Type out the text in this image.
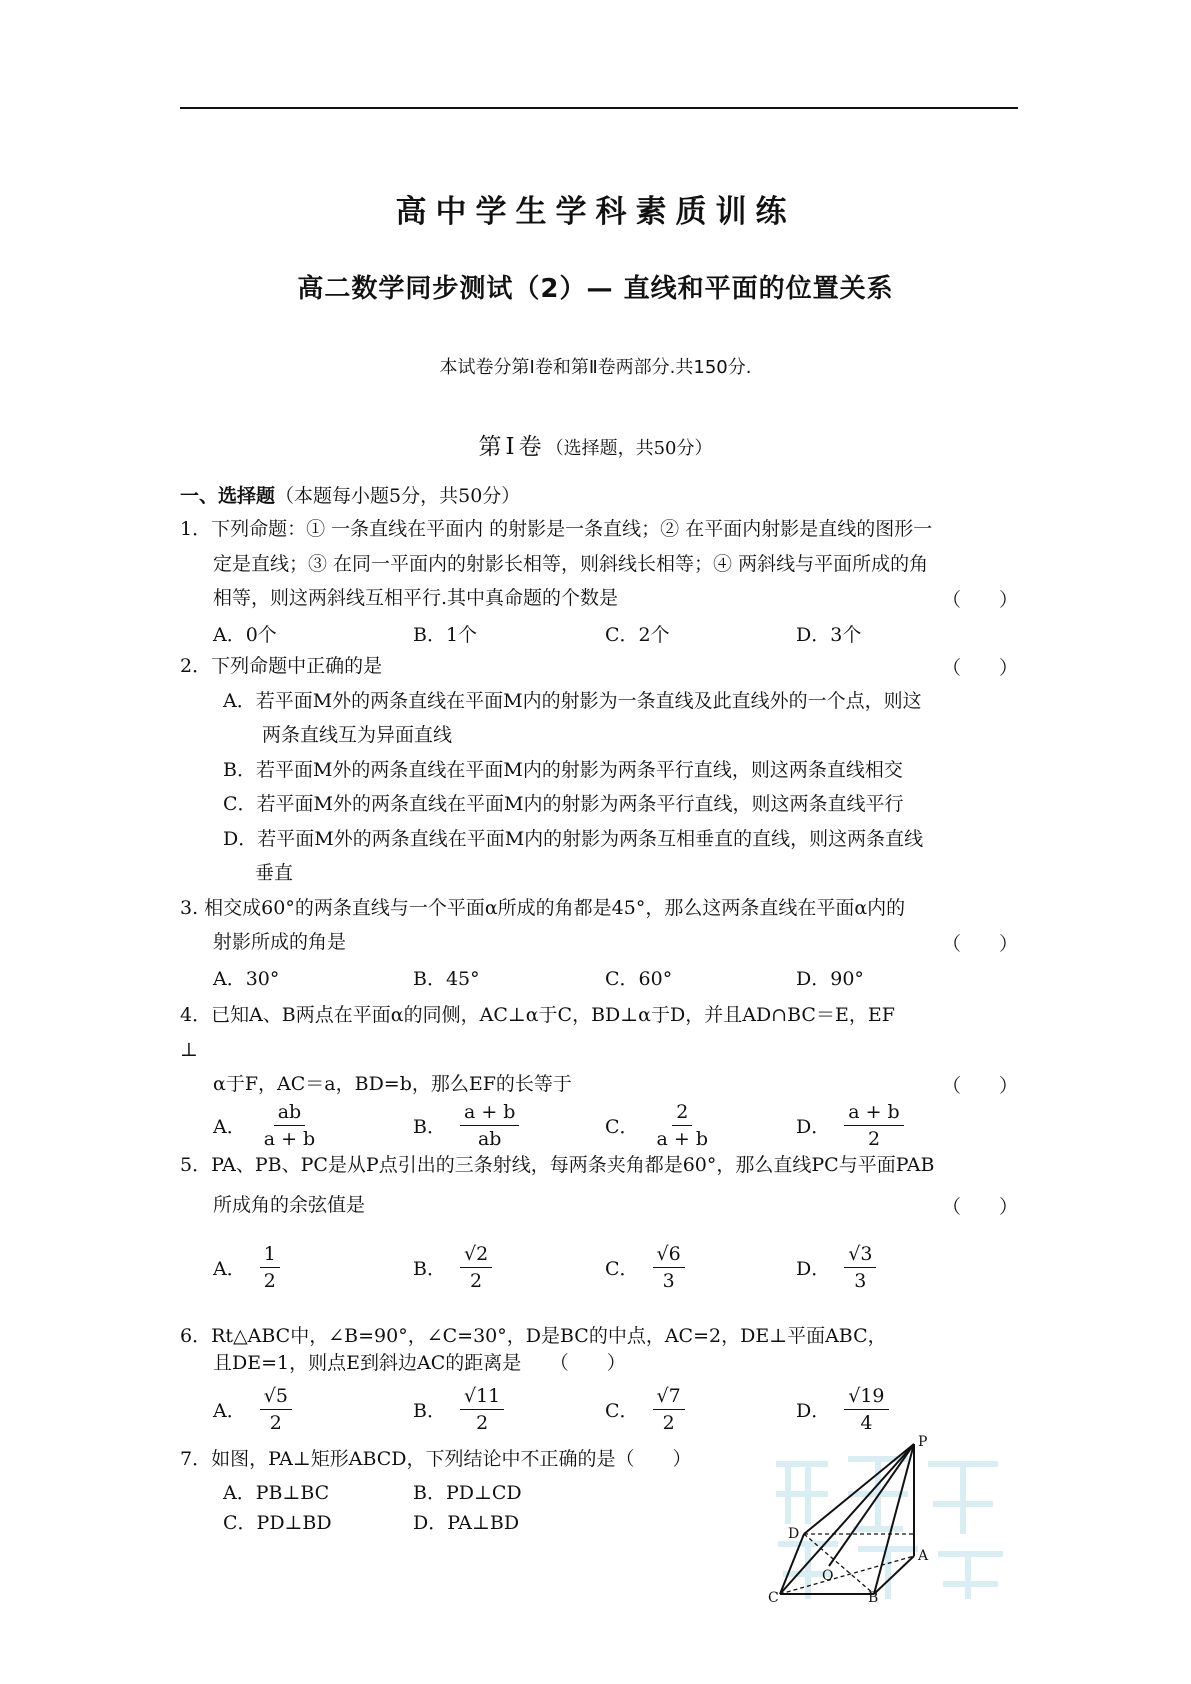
高中学生学科素质训练
高二数学同步测试（2）— 直线和平面的位置关系
本试卷分第Ⅰ卷和第Ⅱ卷两部分.共150分.
第Ⅰ卷（选择题，共50分）
一、选择题（本题每小题5分，共50分）
1．下列命题：① 一条直线在平面内 的射影是一条直线；② 在平面内射影是直线的图形一
定是直线；③ 在同一平面内的射影长相等，则斜线长相等；④ 两斜线与平面所成的角
相等，则这两斜线互相平行.其中真命题的个数是	（　　）
A．0个	B．1个	C．2个	D．3个
2．下列命题中正确的是	（　　）
A．若平面M外的两条直线在平面M内的射影为一条直线及此直线外的一个点，则这
两条直线互为异面直线
B．若平面M外的两条直线在平面M内的射影为两条平行直线，则这两条直线相交
C．若平面M外的两条直线在平面M内的射影为两条平行直线，则这两条直线平行
D．若平面M外的两条直线在平面M内的射影为两条互相垂直的直线，则这两条直线
垂直
3. 相交成60°的两条直线与一个平面α所成的角都是45°，那么这两条直线在平面α内的
射影所成的角是	（　　）
A．30°	B．45°	C．60°	D．90°
4．已知A、B两点在平面α的同侧，AC⊥α于C，BD⊥α于D，并且AD∩BC＝E，EF
⊥
α于F，AC＝a，BD=b，那么EF的长等于	（　　）
A． $\frac{ab}{a + b}$	B． $\frac{a + b}{ab}$	C． $\frac{2}{a + b}$	D． $\frac{a + b}{2}$
5．PA、PB、PC是从P点引出的三条射线，每两条夹角都是60°，那么直线PC与平面PAB
所成角的余弦值是	（　　）
A． $\frac{1}{2}$	B． $\frac{√2}{2}$	C． $\frac{√6}{3}$	D． $\frac{√3}{3}$
6．Rt△ABC中，∠B=90°，∠C=30°，D是BC的中点，AC=2，DE⊥平面ABC，
且DE=1，则点E到斜边AC的距离是　　（　　）
A． $\frac{√5}{2}$	B． $\frac{√11}{2}$	C． $\frac{√7}{2}$	D． $\frac{√19}{4}$
7．如图，PA⊥矩形ABCD，下列结论中不正确的是（　　）
A．PB⊥BC	B．PD⊥CD
C．PD⊥BD	D．PA⊥BD
P
A
B
C
D
O
